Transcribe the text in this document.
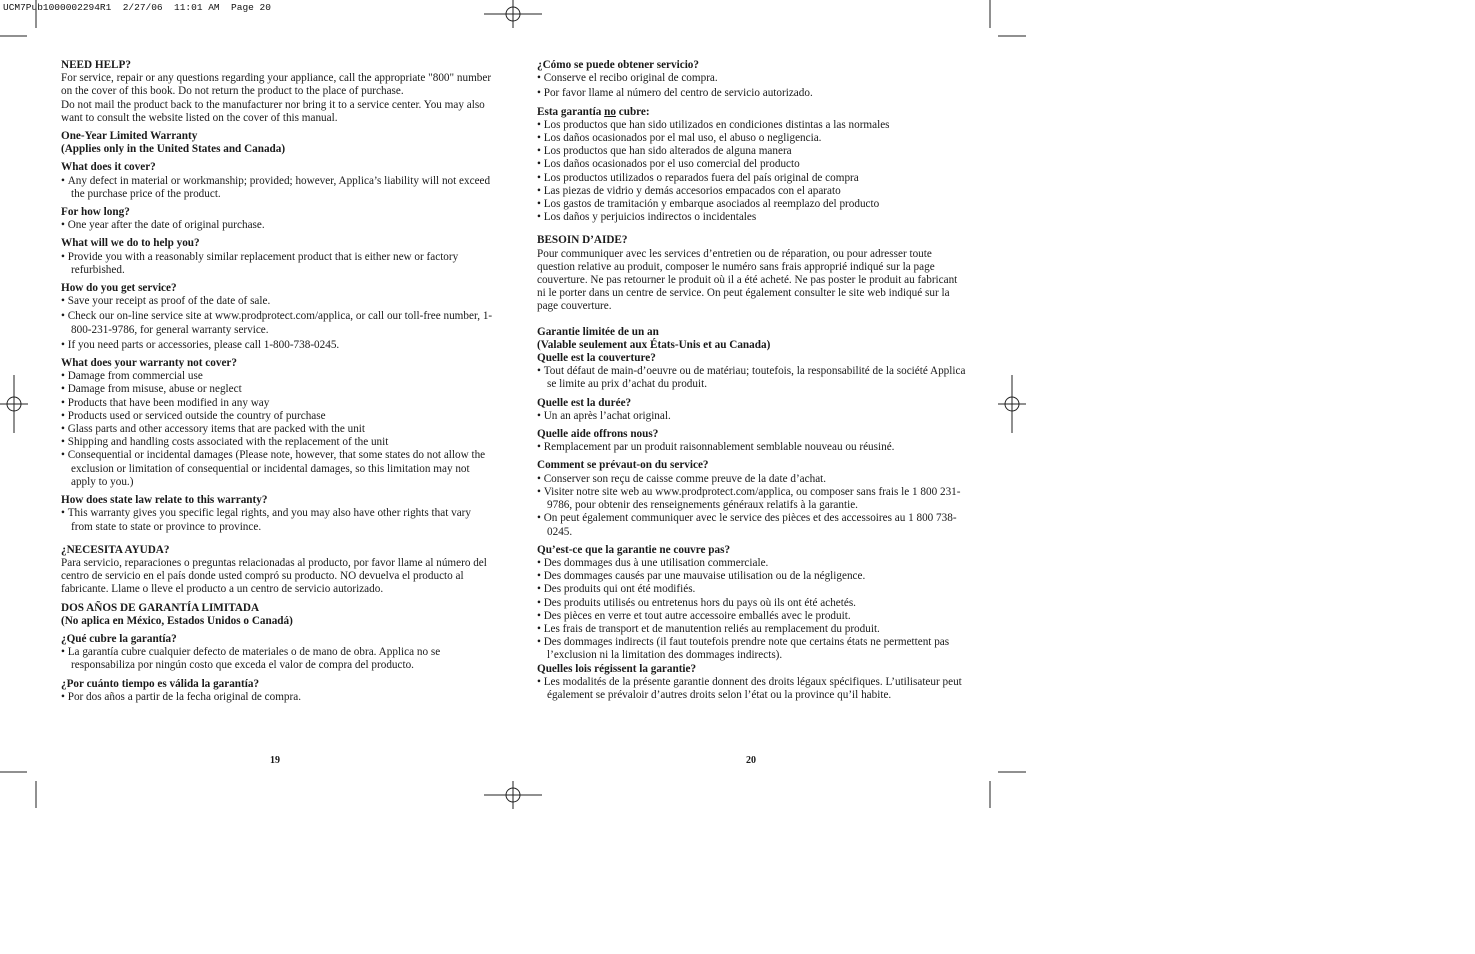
UCM7Pub1000002294R1  2/27/06  11:01 AM  Page 20
NEED HELP?

For service, repair or any questions regarding your appliance, call the appropriate "800" number on the cover of this book. Do not return the product to the place of purchase.

Do not mail the product back to the manufacturer nor bring it to a service center. You may also want to consult the website listed on the cover of this manual.

One-Year Limited Warranty
(Applies only in the United States and Canada)
What does it cover?
• Any defect in material or workmanship; provided; however, Applica’s liability will not exceed the purchase price of the product.
For how long?
• One year after the date of original purchase.
What will we do to help you?
• Provide you with a reasonably similar replacement product that is either new or factory refurbished.
How do you get service?
• Save your receipt as proof of the date of sale.
• Check our on-line service site at www.prodprotect.com/applica, or call our toll-free number, 1-800-231-9786, for general warranty service.
• If you need parts or accessories, please call 1-800-738-0245.
What does your warranty not cover?
• Damage from commercial use
• Damage from misuse, abuse or neglect
• Products that have been modified in any way
• Products used or serviced outside the country of purchase
• Glass parts and other accessory items that are packed with the unit
• Shipping and handling costs associated with the replacement of the unit
• Consequential or incidental damages (Please note, however, that some states do not allow the exclusion or limitation of consequential or incidental damages, so this limitation may not apply to you.)
How does state law relate to this warranty?
• This warranty gives you specific legal rights, and you may also have other rights that vary from state to state or province to province.
¿NECESITA AYUDA?

Para servicio, reparaciones o preguntas relacionadas al producto, por favor llame al número del centro de servicio en el país donde usted compró su producto. NO devuelva el producto al fabricante. Llame o lleve el producto a un centro de servicio autorizado.

DOS AÑOS DE GARANTÍA LIMITADA
(No aplica en México, Estados Unidos o Canadá)
¿Qué cubre la garantía?
• La garantía cubre cualquier defecto de materiales o de mano de obra. Applica no se responsabiliza por ningún costo que exceda el valor de compra del producto.
¿Por cuánto tiempo es válida la garantía?
• Por dos años a partir de la fecha original de compra.
¿Cómo se puede obtener servicio?
• Conserve el recibo original de compra.
• Por favor llame al número del centro de servicio autorizado.
Esta garantía no cubre:
• Los productos que han sido utilizados en condiciones distintas a las normales
• Los daños ocasionados por el mal uso, el abuso o negligencia.
• Los productos que han sido alterados de alguna manera
• Los daños ocasionados por el uso comercial del producto
• Los productos utilizados o reparados fuera del país original de compra
• Las piezas de vidrio y demás accesorios empacados con el aparato
• Los gastos de tramitación y embarque asociados al reemplazo del producto
• Los daños y perjuicios indirectos o incidentales
BESOIN D’AIDE?

Pour communiquer avec les services d’entretien ou de réparation, ou pour adresser toute question relative au produit, composer le numéro sans frais approprié indiqué sur la page couverture. Ne pas retourner le produit où il a été acheté. Ne pas poster le produit au fabricant ni le porter dans un centre de service. On peut également consulter le site web indiqué sur la page couverture.

Garantie limitée de un an
(Valable seulement aux États-Unis et au Canada)
Quelle est la couverture?
• Tout défaut de main-d’oeuvre ou de matériau; toutefois, la responsabilité de la société Applica se limite au prix d’achat du produit.
Quelle est la durée?
• Un an après l’achat original.
Quelle aide offrons nous?
• Remplacement par un produit raisonnablement semblable nouveau ou réusiné.
Comment se prévaut-on du service?
• Conserver son reçu de caisse comme preuve de la date d’achat.
• Visiter notre site web au www.prodprotect.com/applica, ou composer sans frais le 1 800 231-9786, pour obtenir des renseignements généraux relatifs à la garantie.
• On peut également communiquer avec le service des pièces et des accessoires au 1 800 738-0245.
Qu’est-ce que la garantie ne couvre pas?
• Des dommages dus à une utilisation commerciale.
• Des dommages causés par une mauvaise utilisation ou de la négligence.
• Des produits qui ont été modifiés.
• Des produits utilisés ou entretenus hors du pays où ils ont été achetés.
• Des pièces en verre et tout autre accessoire emballés avec le produit.
• Les frais de transport et de manutention reliés au remplacement du produit.
• Des dommages indirects (il faut toutefois prendre note que certains états ne permettent pas l’exclusion ni la limitation des dommages indirects).
Quelles lois régissent la garantie?
• Les modalités de la présente garantie donnent des droits légaux spécifiques. L’utilisateur peut également se prévaloir d’autres droits selon l’état ou la province qu’il habite.
19	20
